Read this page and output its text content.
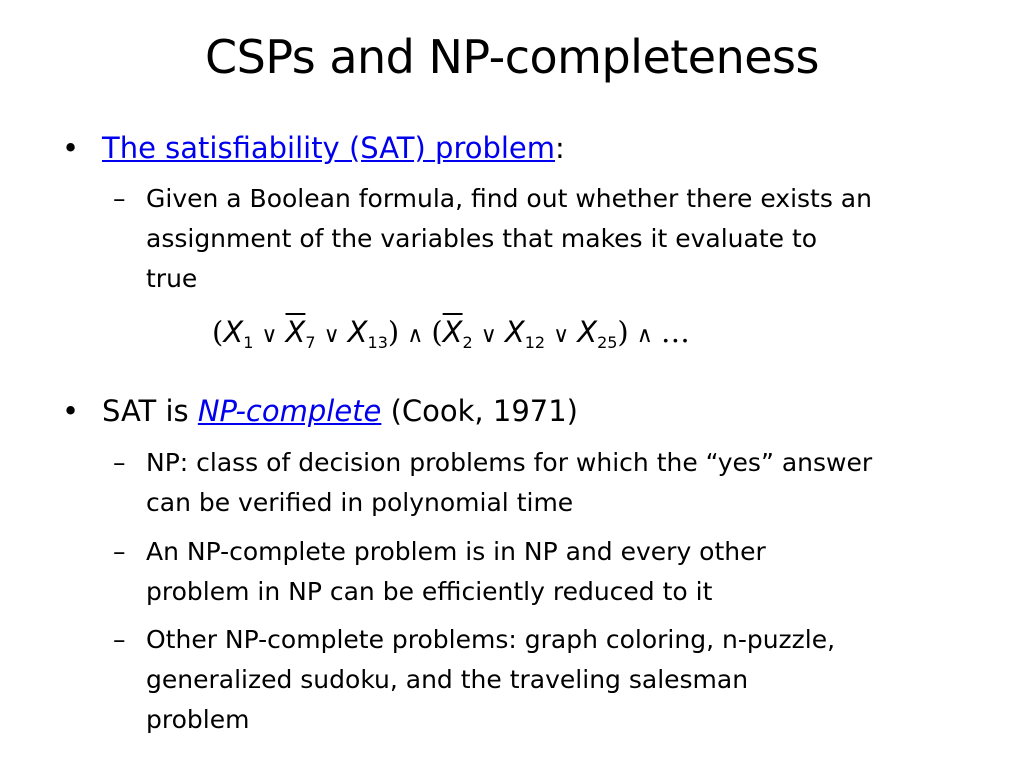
CSPs and NP-completeness
• The satisfiability (SAT) problem:
– Given a Boolean formula, find out whether there exists an assignment of the variables that makes it evaluate to true
($X_1$ ∨ $\overline{X}_7$ ∨ $X_{13}$) ∧ ($\overline{X}_2$ ∨ $X_{12}$ ∨ $X_{25}$) ∧ …
• SAT is NP-complete (Cook, 1971)
– NP: class of decision problems for which the “yes” answer can be verified in polynomial time
– An NP-complete problem is in NP and every other problem in NP can be efficiently reduced to it
– Other NP-complete problems: graph coloring, n-puzzle, generalized sudoku, and the traveling salesman problem
